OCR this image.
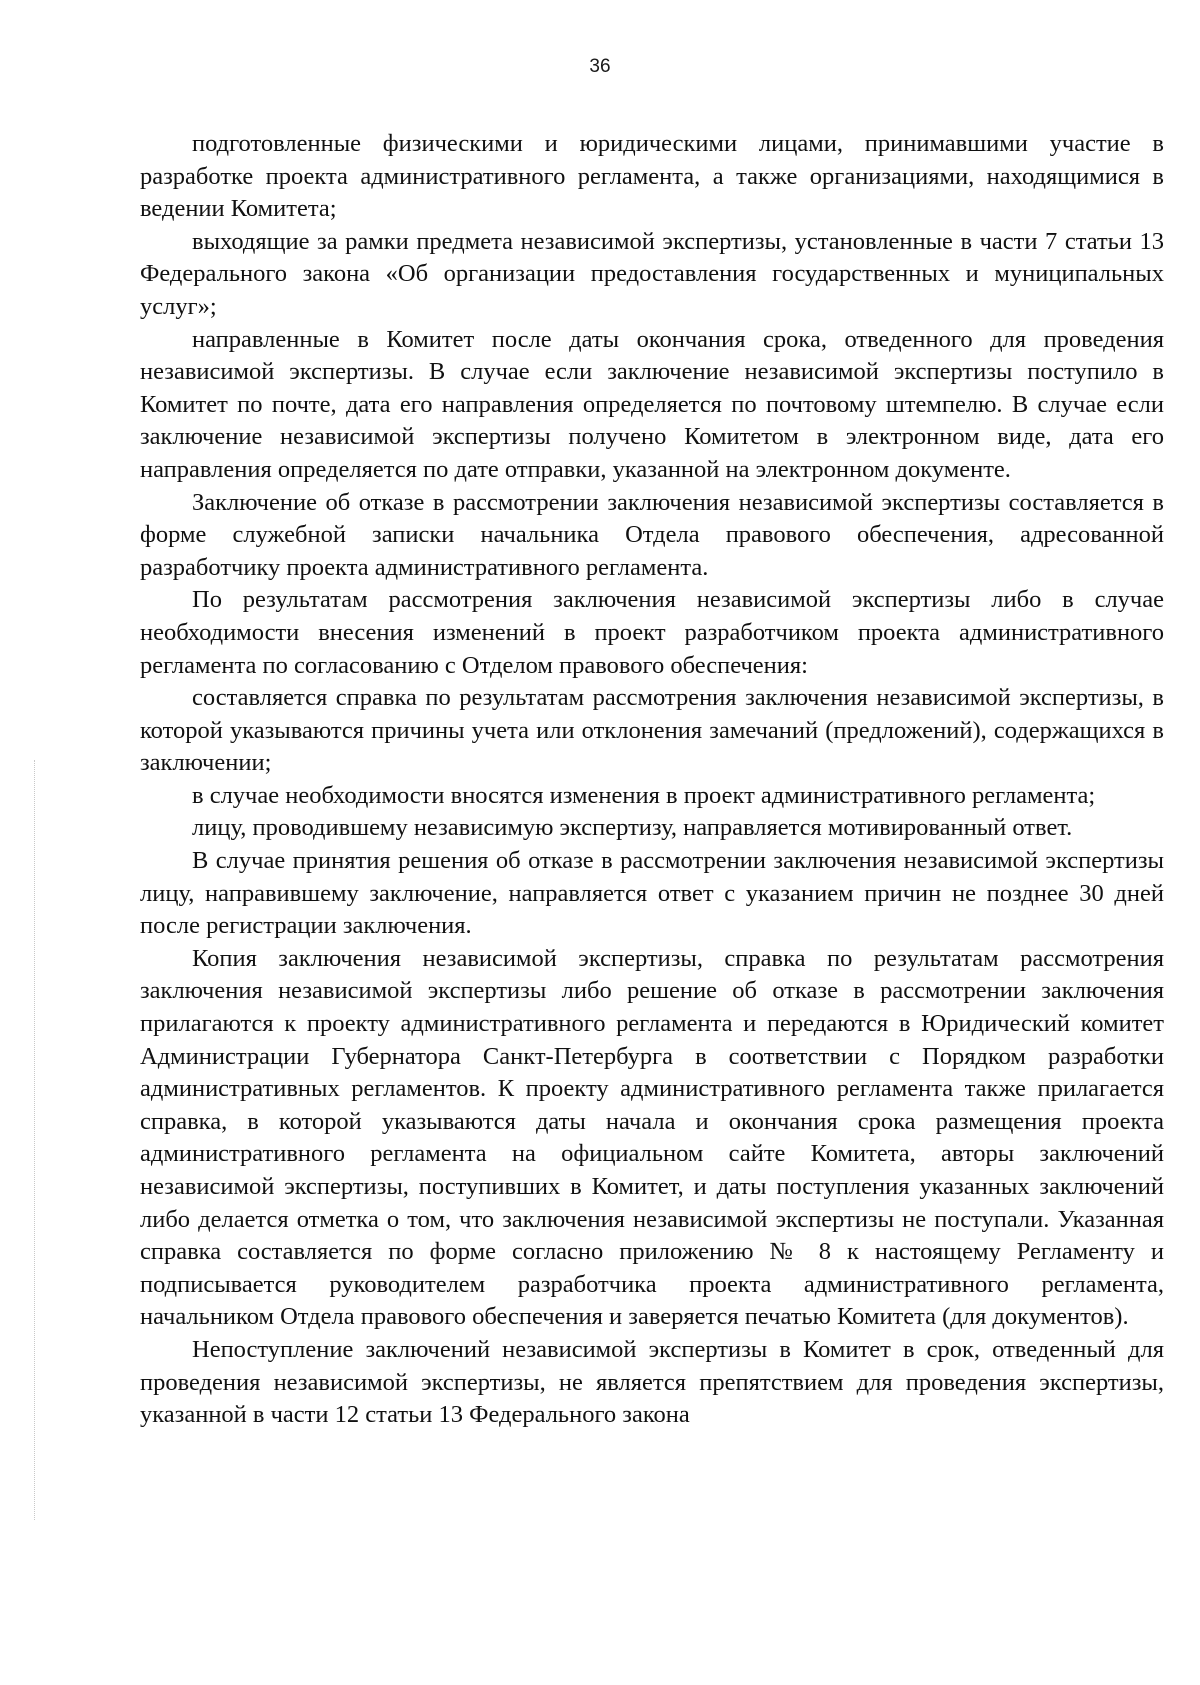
36

подготовленные физическими и юридическими лицами, принимавшими участие в разработке проекта административного регламента, а также организациями, находящимися в ведении Комитета;

выходящие за рамки предмета независимой экспертизы, установленные в части 7 статьи 13 Федерального закона «Об организации предоставления государственных и муниципальных услуг»;

направленные в Комитет после даты окончания срока, отведенного для проведения независимой экспертизы. В случае если заключение независимой экспертизы поступило в Комитет по почте, дата его направления определяется по почтовому штемпелю. В случае если заключение независимой экспертизы получено Комитетом в электронном виде, дата его направления определяется по дате отправки, указанной на электронном документе.

Заключение об отказе в рассмотрении заключения независимой экспертизы составляется в форме служебной записки начальника Отдела правового обеспечения, адресованной разработчику проекта административного регламента.

По результатам рассмотрения заключения независимой экспертизы либо в случае необходимости внесения изменений в проект разработчиком проекта административного регламента по согласованию с Отделом правового обеспечения:

составляется справка по результатам рассмотрения заключения независимой экспертизы, в которой указываются причины учета или отклонения замечаний (предложений), содержащихся в заключении;

в случае необходимости вносятся изменения в проект административного регламента;

лицу, проводившему независимую экспертизу, направляется мотивированный ответ.

В случае принятия решения об отказе в рассмотрении заключения независимой экспертизы лицу, направившему заключение, направляется ответ с указанием причин не позднее 30 дней после регистрации заключения.

Копия заключения независимой экспертизы, справка по результатам рассмотрения заключения независимой экспертизы либо решение об отказе в рассмотрении заключения прилагаются к проекту административного регламента и передаются в Юридический комитет Администрации Губернатора Санкт-Петербурга в соответствии с Порядком разработки административных регламентов. К проекту административного регламента также прилагается справка, в которой указываются даты начала и окончания срока размещения проекта административного регламента на официальном сайте Комитета, авторы заключений независимой экспертизы, поступивших в Комитет, и даты поступления указанных заключений либо делается отметка о том, что заключения независимой экспертизы не поступали. Указанная справка составляется по форме согласно приложению № 8 к настоящему Регламенту и подписывается руководителем разработчика проекта административного регламента, начальником Отдела правового обеспечения и заверяется печатью Комитета (для документов).

Непоступление заключений независимой экспертизы в Комитет в срок, отведенный для проведения независимой экспертизы, не является препятствием для проведения экспертизы, указанной в части 12 статьи 13 Федерального закона
